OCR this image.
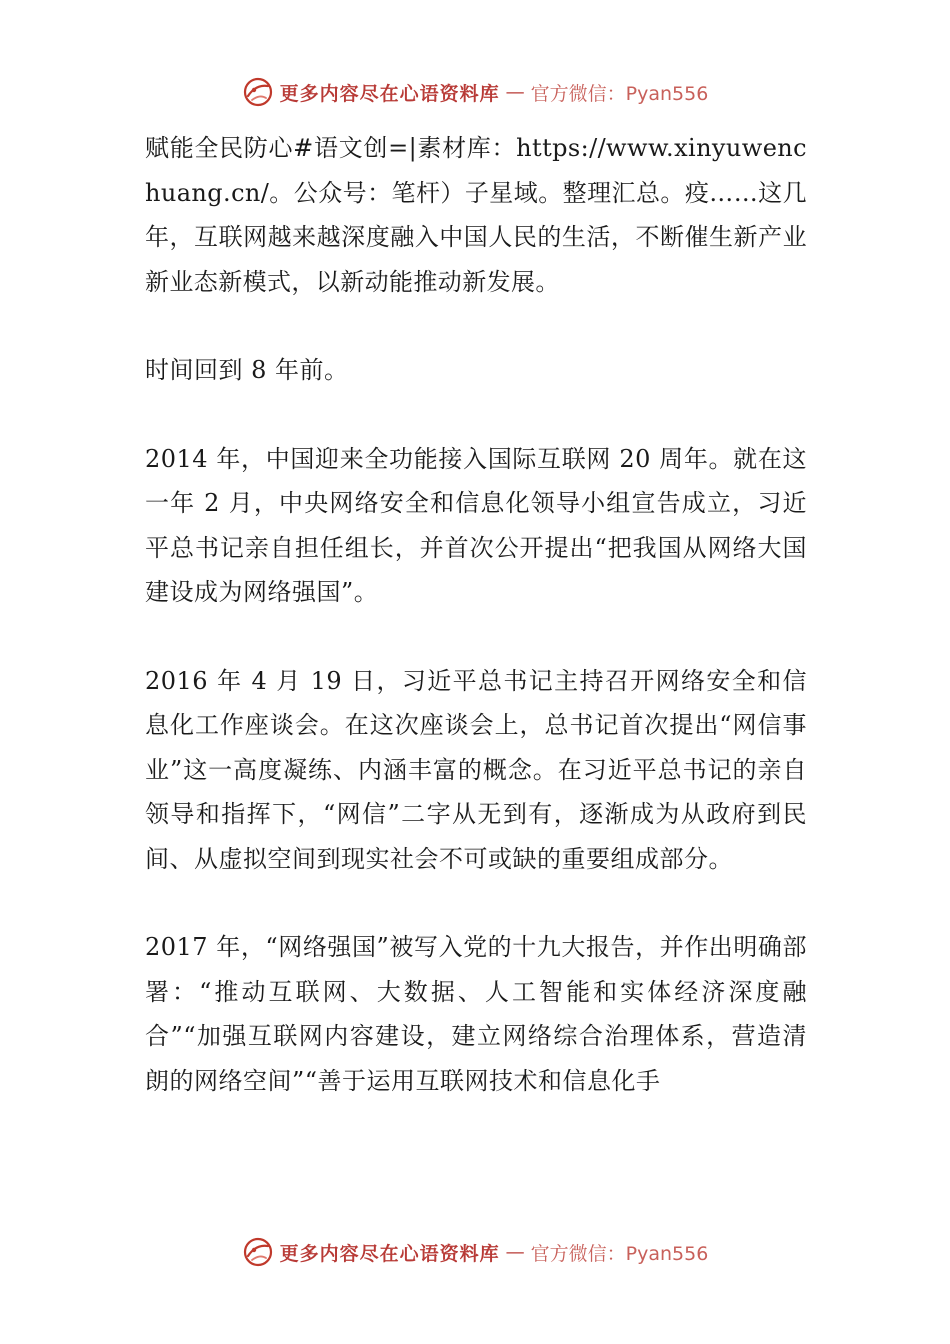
更多内容尽在心语资料库 — 官方微信：Pyan556

赋能全民防心#语文创=|素材库：https://www.xinyuwenchuang.cn/。公众号：笔杆）子星域。整理汇总。疫……这几年，互联网越来越深度融入中国人民的生活，不断催生新产业新业态新模式，以新动能推动新发展。

时间回到 8 年前。

2014 年，中国迎来全功能接入国际互联网 20 周年。就在这一年 2 月，中央网络安全和信息化领导小组宣告成立，习近平总书记亲自担任组长，并首次公开提出“把我国从网络大国建设成为网络强国”。

2016 年 4 月 19 日，习近平总书记主持召开网络安全和信息化工作座谈会。在这次座谈会上，总书记首次提出“网信事业”这一高度凝练、内涵丰富的概念。在习近平总书记的亲自领导和指挥下，“网信”二字从无到有，逐渐成为从政府到民间、从虚拟空间到现实社会不可或缺的重要组成部分。

2017 年，“网络强国”被写入党的十九大报告，并作出明确部署：“推动互联网、大数据、人工智能和实体经济深度融合”“加强互联网内容建设，建立网络综合治理体系，营造清朗的网络空间”“善于运用互联网技术和信息化手

更多内容尽在心语资料库 — 官方微信：Pyan556
